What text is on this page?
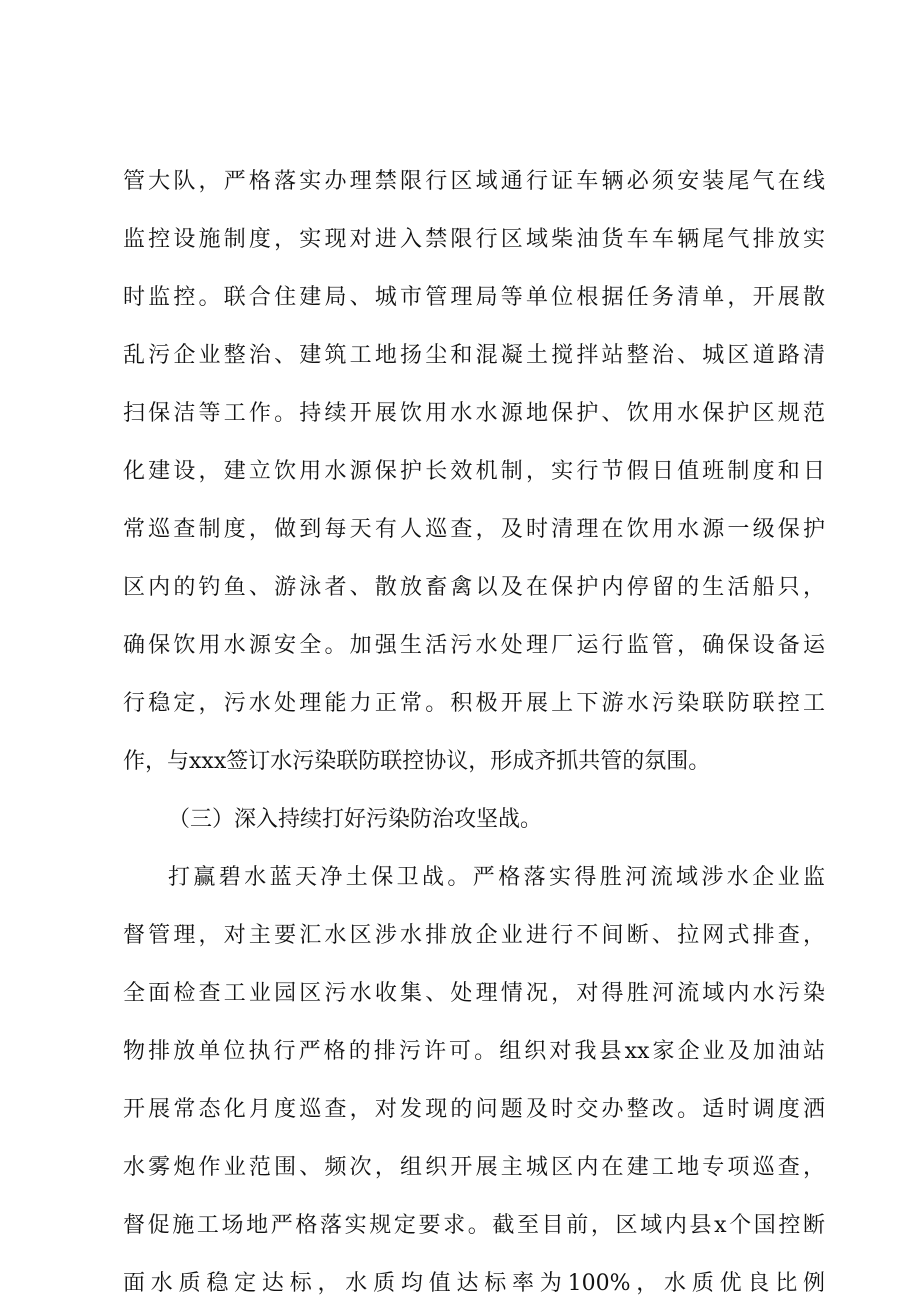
管大队，严格落实办理禁限行区域通行证车辆必须安装尾气在线
监控设施制度，实现对进入禁限行区域柴油货车车辆尾气排放实
时监控。联合住建局、城市管理局等单位根据任务清单，开展散
乱污企业整治、建筑工地扬尘和混凝土搅拌站整治、城区道路清
扫保洁等工作。持续开展饮用水水源地保护、饮用水保护区规范
化建设，建立饮用水源保护长效机制，实行节假日值班制度和日
常巡查制度，做到每天有人巡查，及时清理在饮用水源一级保护
区内的钓鱼、游泳者、散放畜禽以及在保护内停留的生活船只，
确保饮用水源安全。加强生活污水处理厂运行监管，确保设备运
行稳定，污水处理能力正常。积极开展上下游水污染联防联控工
作，与xxx签订水污染联防联控协议，形成齐抓共管的氛围。
（三）深入持续打好污染防治攻坚战。
打赢碧水蓝天净土保卫战。严格落实得胜河流域涉水企业监
督管理，对主要汇水区涉水排放企业进行不间断、拉网式排查，
全面检查工业园区污水收集、处理情况，对得胜河流域内水污染
物排放单位执行严格的排污许可。组织对我县xx家企业及加油站
开展常态化月度巡查，对发现的问题及时交办整改。适时调度洒
水雾炮作业范围、频次，组织开展主城区内在建工地专项巡查，
督促施工场地严格落实规定要求。截至目前，区域内县x个国控断
面水质稳定达标，水质均值达标率为100%，水质优良比例
